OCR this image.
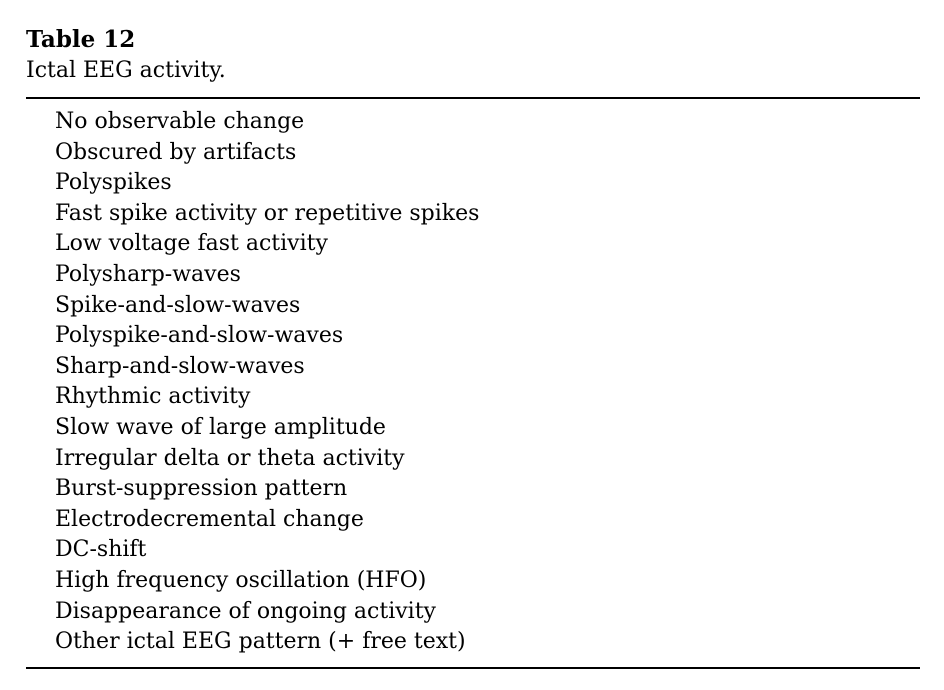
Table 12

Ictal EEG activity.

No observable change
Obscured by artifacts
Polyspikes
Fast spike activity or repetitive spikes
Low voltage fast activity
Polysharp-waves
Spike-and-slow-waves
Polyspike-and-slow-waves
Sharp-and-slow-waves
Rhythmic activity
Slow wave of large amplitude
Irregular delta or theta activity
Burst-suppression pattern
Electrodecremental change
DC-shift
High frequency oscillation (HFO)
Disappearance of ongoing activity
Other ictal EEG pattern (+ free text)
